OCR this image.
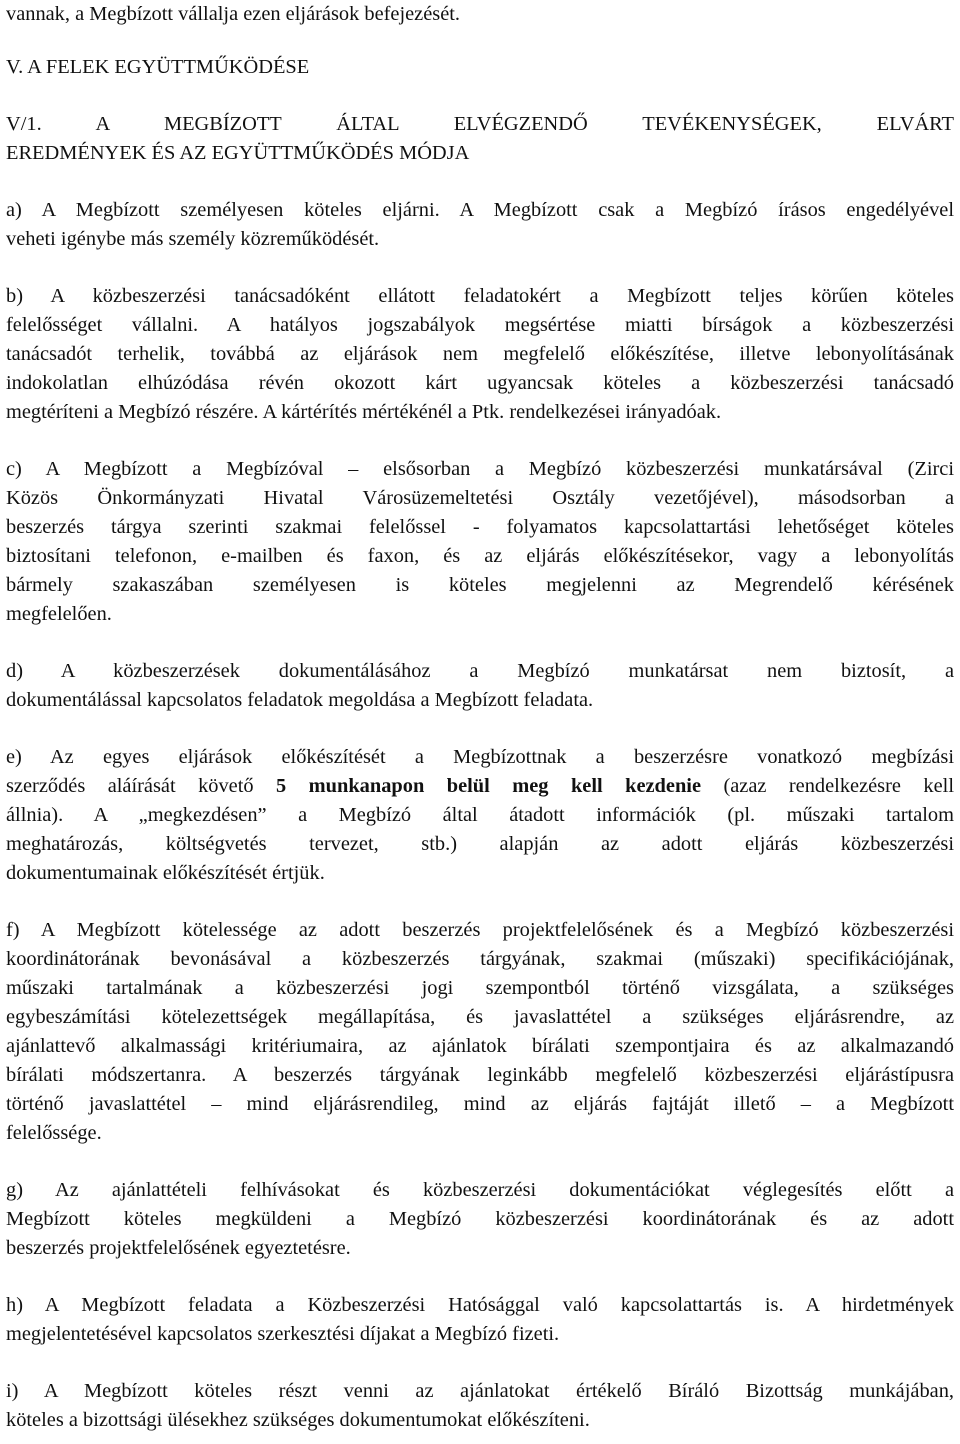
vannak, a Megbízott vállalja ezen eljárások befejezését.

V. A FELEK EGYÜTTMŰKÖDÉSE

V/1. A MEGBÍZOTT ÁLTAL ELVÉGZENDŐ TEVÉKENYSÉGEK, ELVÁRT

EREDMÉNYEK ÉS AZ EGYÜTTMŰKÖDÉS MÓDJA

a) A Megbízott személyesen köteles eljárni. A Megbízott csak a Megbízó írásos engedélyével

veheti igénybe más személy közreműködését.

b) A közbeszerzési tanácsadóként ellátott feladatokért a Megbízott teljes körűen köteles

felelősséget vállalni. A hatályos jogszabályok megsértése miatti bírságok a közbeszerzési

tanácsadót terhelik, továbbá az eljárások nem megfelelő előkészítése, illetve lebonyolításának

indokolatlan elhúzódása révén okozott kárt ugyancsak köteles a közbeszerzési tanácsadó

megtéríteni a Megbízó részére. A kártérítés mértékénél a Ptk. rendelkezései irányadóak.

c) A Megbízott a Megbízóval – elsősorban a Megbízó közbeszerzési munkatársával (Zirci

Közös Önkormányzati Hivatal Városüzemeltetési Osztály vezetőjével), másodsorban a

beszerzés tárgya szerinti szakmai felelőssel - folyamatos kapcsolattartási lehetőséget köteles

biztosítani telefonon, e-mailben és faxon, és az eljárás előkészítésekor, vagy a lebonyolítás

bármely szakaszában személyesen is köteles megjelenni az Megrendelő kérésének

megfelelően.

d) A közbeszerzések dokumentálásához a Megbízó munkatársat nem biztosít, a

dokumentálással kapcsolatos feladatok megoldása a Megbízott feladata.

e) Az egyes eljárások előkészítését a Megbízottnak a beszerzésre vonatkozó megbízási

szerződés aláírását követő 5 munkanapon belül meg kell kezdenie (azaz rendelkezésre kell

állnia). A „megkezdésen” a Megbízó által átadott információk (pl. műszaki tartalom

meghatározás, költségvetés tervezet, stb.) alapján az adott eljárás közbeszerzési

dokumentumainak előkészítését értjük.

f) A Megbízott kötelessége az adott beszerzés projektfelelősének és a Megbízó közbeszerzési

koordinátorának bevonásával a közbeszerzés tárgyának, szakmai (műszaki) specifikációjának,

műszaki tartalmának a közbeszerzési jogi szempontból történő vizsgálata, a szükséges

egybeszámítási kötelezettségek megállapítása, és javaslattétel a szükséges eljárásrendre, az

ajánlattevő alkalmassági kritériumaira, az ajánlatok bírálati szempontjaira és az alkalmazandó

bírálati módszertanra. A beszerzés tárgyának leginkább megfelelő közbeszerzési eljárástípusra

történő javaslattétel – mind eljárásrendileg, mind az eljárás fajtáját illető – a Megbízott

felelőssége.

g) Az ajánlattételi felhívásokat és közbeszerzési dokumentációkat véglegesítés előtt a

Megbízott köteles megküldeni a Megbízó közbeszerzési koordinátorának és az adott

beszerzés projektfelelősének egyeztetésre.

h) A Megbízott feladata a Közbeszerzési Hatósággal való kapcsolattartás is. A hirdetmények

megjelentetésével kapcsolatos szerkesztési díjakat a Megbízó fizeti.

i) A Megbízott köteles részt venni az ajánlatokat értékelő Bíráló Bizottság munkájában,

köteles a bizottsági ülésekhez szükséges dokumentumokat előkészíteni.
